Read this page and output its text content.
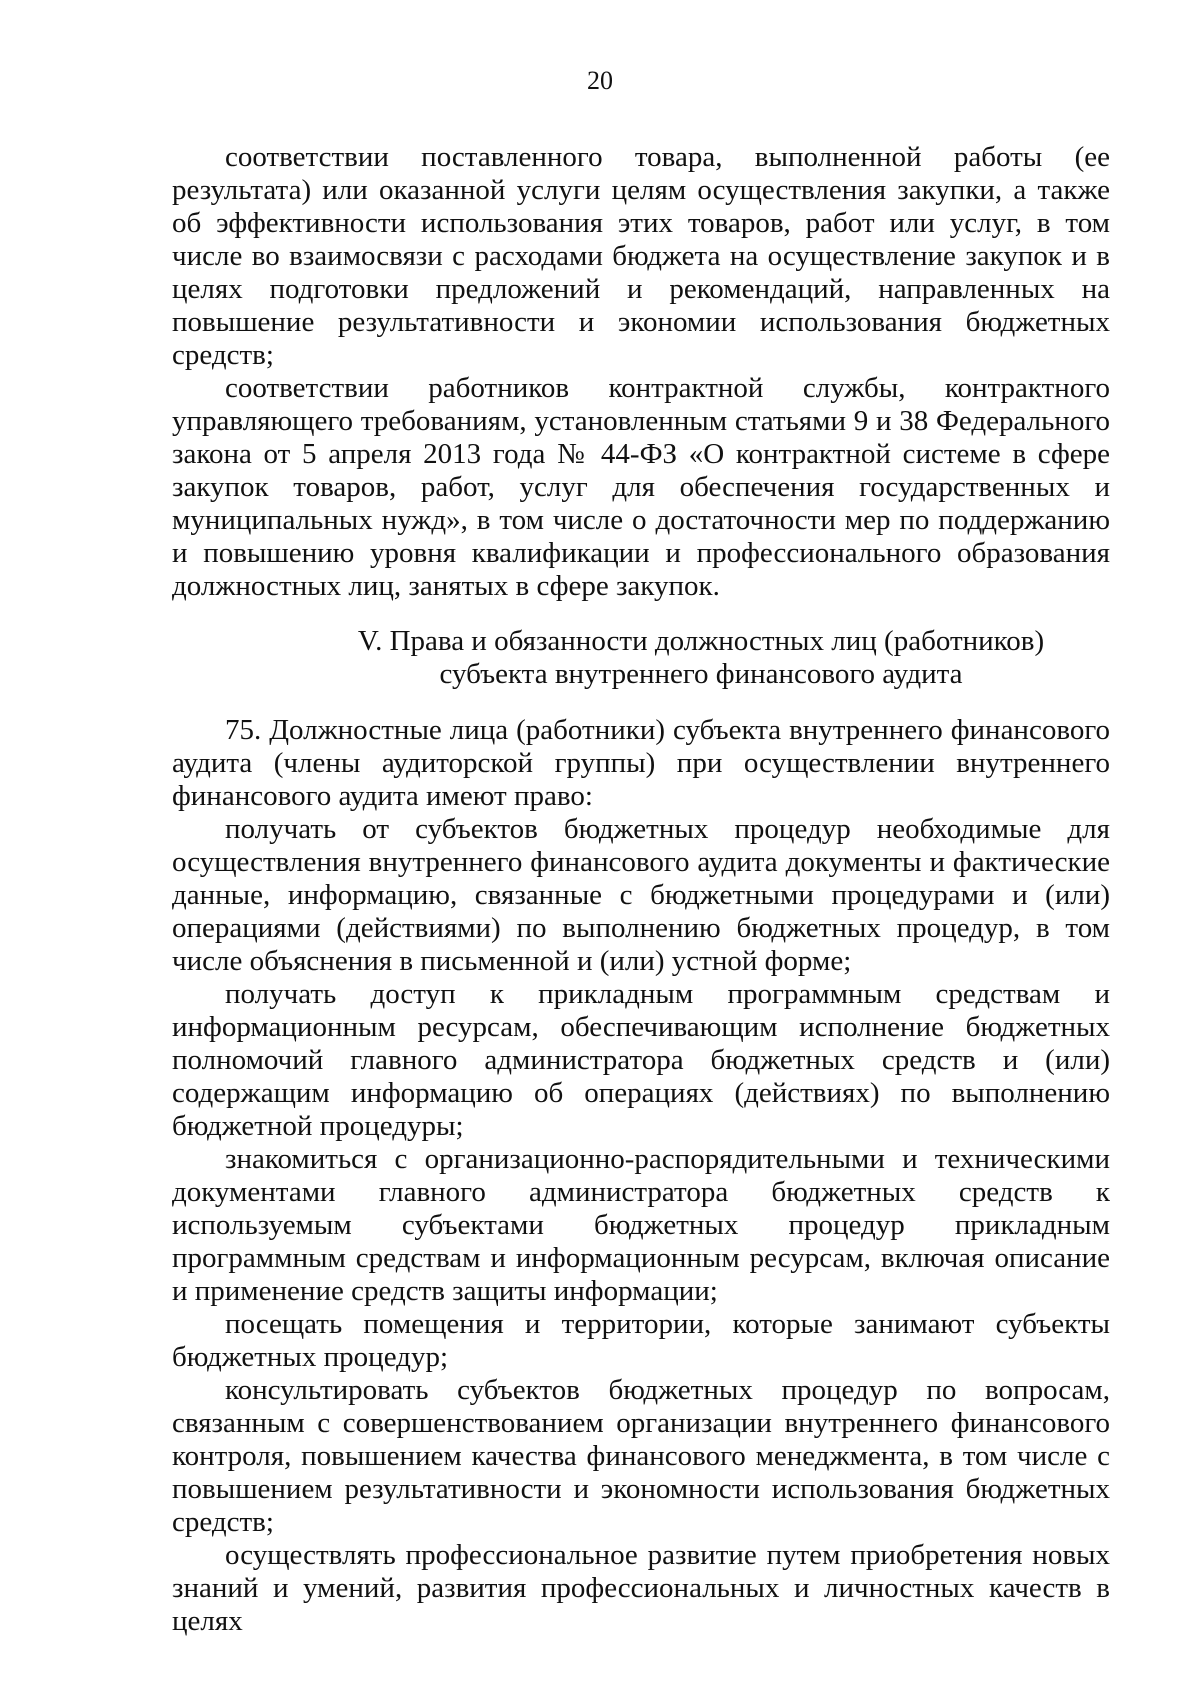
20

соответствии поставленного товара, выполненной работы (ее результата) или оказанной услуги целям осуществления закупки, а также об эффективности использования этих товаров, работ или услуг, в том числе во взаимосвязи с расходами бюджета на осуществление закупок и в целях подготовки предложений и рекомендаций, направленных на повышение результативности и экономии использования бюджетных средств;

соответствии работников контрактной службы, контрактного управляющего требованиям, установленным статьями 9 и 38 Федерального закона от 5 апреля 2013 года № 44-ФЗ «О контрактной системе в сфере закупок товаров, работ, услуг для обеспечения государственных и муниципальных нужд», в том числе о достаточности мер по поддержанию и повышению уровня квалификации и профессионального образования должностных лиц, занятых в сфере закупок.

V. Права и обязанности должностных лиц (работников)

субъекта внутреннего финансового аудита

75. Должностные лица (работники) субъекта внутреннего финансового аудита (члены аудиторской группы) при осуществлении внутреннего финансового аудита имеют право:

получать от субъектов бюджетных процедур необходимые для осуществления внутреннего финансового аудита документы и фактические данные, информацию, связанные с бюджетными процедурами и (или) операциями (действиями) по выполнению бюджетных процедур, в том числе объяснения в письменной и (или) устной форме;

получать доступ к прикладным программным средствам и информационным ресурсам, обеспечивающим исполнение бюджетных полномочий главного администратора бюджетных средств и (или) содержащим информацию об операциях (действиях) по выполнению бюджетной процедуры;

знакомиться с организационно-распорядительными и техническими документами главного администратора бюджетных средств к используемым субъектами бюджетных процедур прикладным программным средствам и информационным ресурсам, включая описание и применение средств защиты информации;

посещать помещения и территории, которые занимают субъекты бюджетных процедур;

консультировать субъектов бюджетных процедур по вопросам, связанным с совершенствованием организации внутреннего финансового контроля, повышением качества финансового менеджмента, в том числе с повышением результативности и экономности использования бюджетных средств;

осуществлять профессиональное развитие путем приобретения новых знаний и умений, развития профессиональных и личностных качеств в целях
